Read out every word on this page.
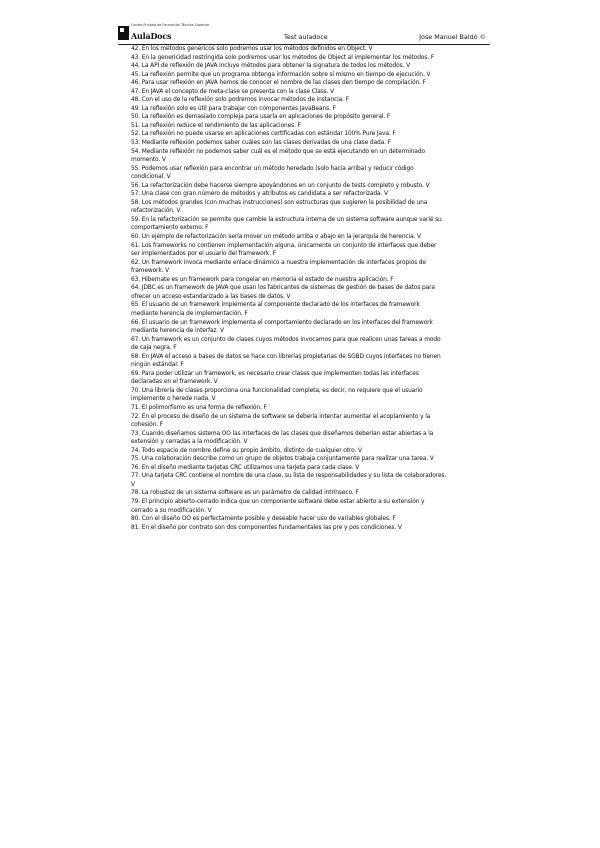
Centro Privado de Formación Técnica Superior
AulaDocs	Test auladoce	Jose Manuel Baldó ©

42. En los métodos genéricos solo podremos usar los métodos definidos en Object. V

43. En la genericidad restringida solo podremos usar los métodos de Object al implementar los métodos. F

44. La API de reflexión de JAVA incluye métodos para obtener la signatura de todos los métodos. V

45. La reflexión permite que un programa obtenga información sobre sí mismo en tiempo de ejecución. V

46. Para usar reflexión en JAVA hemos de conocer el nombre de las clases den tiempo de compilación. F

47. En JAVA el concepto de meta-clase se presenta con la clase Class. V

48. Con el uso de la reflexión solo podremos invocar métodos de instancia. F

49. La reflexión solo es útil para trabajar con componentes JavaBeans. F

50. La reflexión es demasiado compleja para usarla en aplicaciones de propósito general. F

51. La reflexión reduce el rendimiento de las aplicaciones. F

52. La reflexión no puede usarse en aplicaciones certificadas con estándar 100% Pure Java. F

53. Mediante reflexión podemos saber cuáles son las clases derivadas de una clase dada. F

54. Mediante reflexión no podemos saber cuál es el método que se está ejecutando en un determinado

momento. V

55. Podemos usar reflexión para encontrar un método heredado (solo hacia arriba) y reducir código

condicional. V

56. La refactorización debe hacerse siempre apoyándonos en un conjunto de tests completo y robusto. V

57. Una clase con gran número de métodos y atributos es candidata a ser refactorizada. V

58. Los métodos grandes (con muchas instrucciones) son estructuras que sugieren la posibilidad de una

refactorización. V

59. En la refactorización se permite que cambie la estructura interna de un sistema software aunque varié su

comportamiento externo. F

60. Un ejemplo de refactorización sería mover un método arriba o abajo en la jerarquía de herencia. V

61. Los frameworks no contienen implementación alguna, únicamente un conjunto de interfaces que deber

ser implementados por el usuario del framework. F

62. Un framework invoca mediante enlace dinámico a nuestra implementación de interfaces propios de

framework. V

63. Hibernate es un framework para congelar en memoria el estado de nuestra aplicación. F

64. JDBC es un framework de JAVA que usan los fabricantes de sistemas de gestión de bases de datos para

ofrecer un acceso estandarizado a las bases de datos. V

65. El usuario de un framework implementa al componente declarado de los interfaces de framework

mediante herencia de implementación. F

66. El usuario de un framework implementa el comportamiento declarado en los interfaces del framework

mediante herencia de interfaz. V

67. Un framework es un conjunto de clases cuyos métodos invocamos para que realicen unas tareas a modo

de caja negra. F

68. En JAVA el acceso a bases de datos se hace con librerías propietarias de SGBD cuyos interfaces no tienen

ningún estándar. F

69. Para poder utilizar un framework, es necesario crear clases que implementen todas las interfaces

declaradas en el framework. V

70. Una librería de clases proporciona una funcionalidad completa, es decir, no requiere que el usuario

implemente o herede nada. V

71. El polimorfismo es una forma de reflexión. F

72. En el proceso de diseño de un sistema de software se debería intentar aumentar el acoplamiento y la

cohesión. F

73. Cuando diseñamos sistema OO las interfaces de las clases que diseñamos deberían estar abiertas a la

extensión y cerradas a la modificación. V

74. Todo espacio de nombre define su propio ámbito, distinto de cualquier otro. V

75. Una colaboración describe como un grupo de objetos trabaja conjuntamente para realizar una tarea. V

76. En el diseño mediante tarjetas CRC utilizamos una tarjeta para cada clase. V

77. Una tarjeta CRC contiene el nombre de una clase, su lista de responsabilidades y su lista de colaboradores.

V

78. La robustez de un sistema software es un parámetro de calidad intrínseco. F

79. El principio abierto-cerrado indica que un componente software debe estar abierto a su extensión y

cerrado a su modificación. V

80. Con el diseño OO es perfectamente posible y deseable hacer uso de variables globales. F

81. En el diseño por contrato son dos componentes fundamentales las pre y pos condiciones. V
